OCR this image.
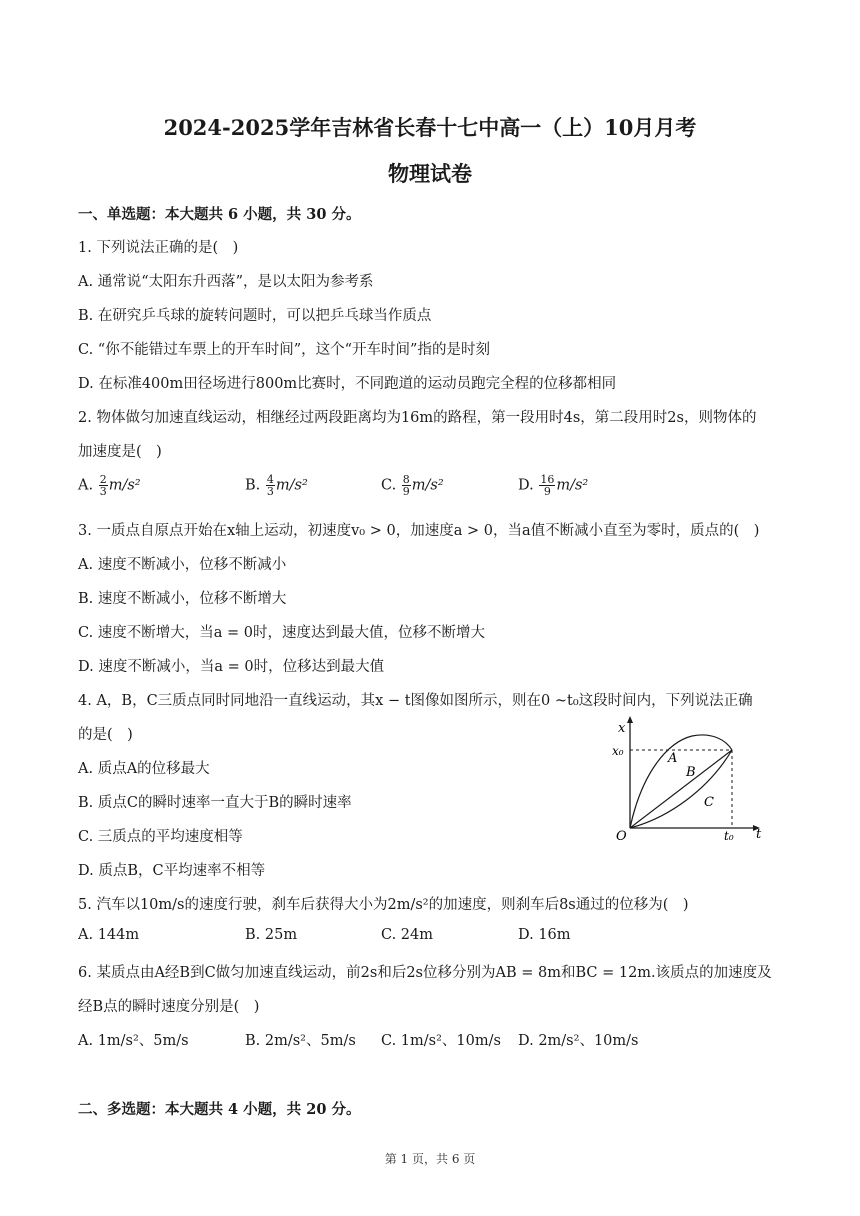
2024-2025学年吉林省长春十七中高一（上）10月月考
物理试卷
一、单选题：本大题共 6 小题，共 30 分。
1. 下列说法正确的是(　)
A. 通常说“太阳东升西落”，是以太阳为参考系
B. 在研究乒乓球的旋转问题时，可以把乒乓球当作质点
C. “你不能错过车票上的开车时间”，这个“开车时间”指的是时刻
D. 在标准400m田径场进行800m比赛时，不同跑道的运动员跑完全程的位移都相同
2. 物体做匀加速直线运动，相继经过两段距离均为16m的路程，第一段用时4s，第二段用时2s，则物体的
加速度是(　)
A. $\frac{2}{3} m/s^2$	B. $\frac{4}{3} m/s^2$	C. $\frac{8}{9} m/s^2$	D. $\frac{16}{9} m/s^2$
3. 一质点自原点开始在x轴上运动，初速度v₀ > 0，加速度a > 0，当a值不断减小直至为零时，质点的(　)
A. 速度不断减小，位移不断减小
B. 速度不断减小，位移不断增大
C. 速度不断增大，当a = 0时，速度达到最大值，位移不断增大
D. 速度不断减小，当a = 0时，位移达到最大值
4. A，B，C三质点同时同地沿一直线运动，其x − t图像如图所示，则在0 ~t₀这段时间内，下列说法正确
的是(　)
A. 质点A的位移最大
B. 质点C的瞬时速率一直大于B的瞬时速率
C. 三质点的平均速度相等
D. 质点B，C平均速率不相等
x
t
O
x₀
t₀
A
B
C
5. 汽车以10m/s的速度行驶，刹车后获得大小为2m/s²的加速度，则刹车后8s通过的位移为(　)
A. 144m	B. 25m	C. 24m	D. 16m
6. 某质点由A经B到C做匀加速直线运动，前2s和后2s位移分别为AB = 8m和BC = 12m.该质点的加速度及
经B点的瞬时速度分别是(　)
A. 1m/s²、5m/s	B. 2m/s²、5m/s C. 1m/s²、10m/s D. 2m/s²、10m/s
二、多选题：本大题共 4 小题，共 20 分。
第 1 页，共 6 页
